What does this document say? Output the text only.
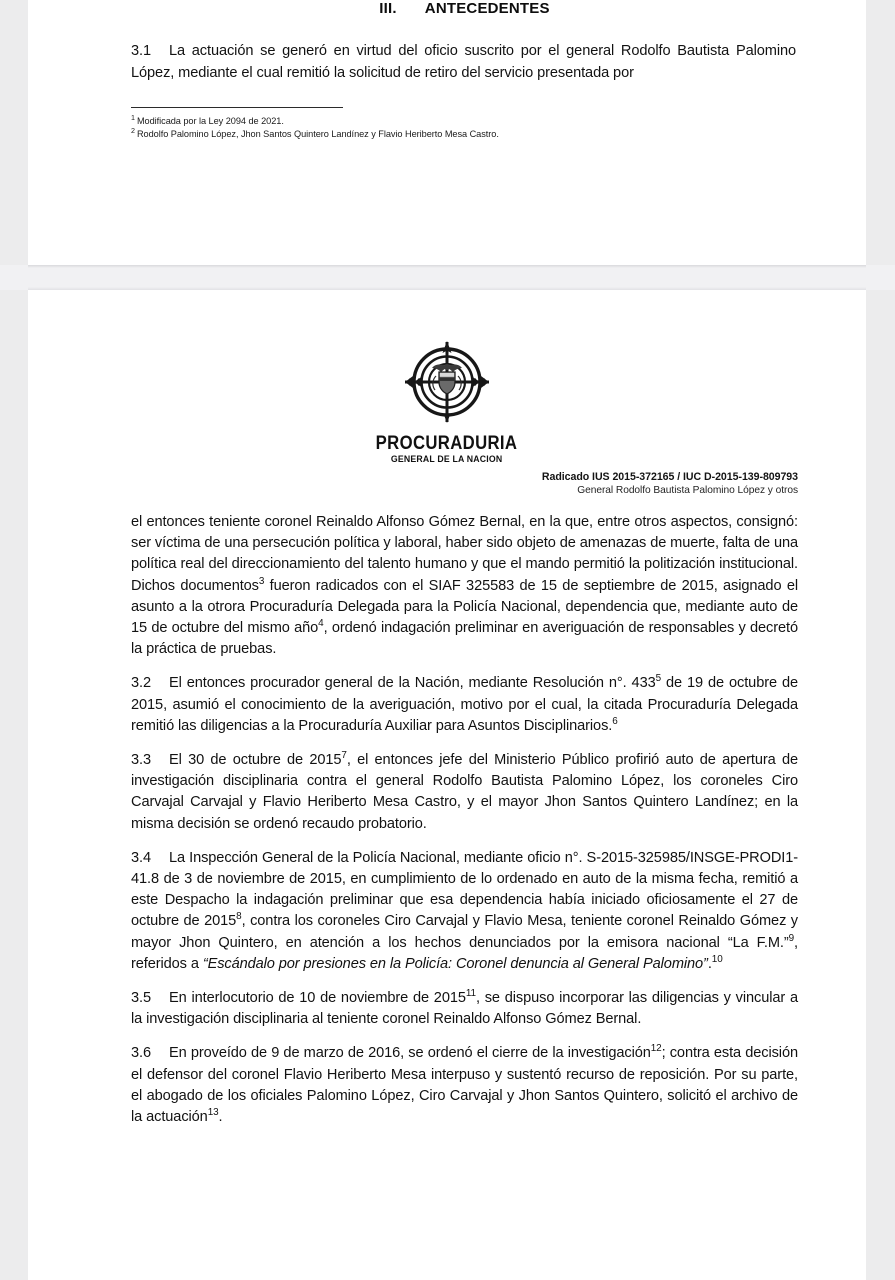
III. ANTECEDENTES
3.1 La actuación se generó en virtud del oficio suscrito por el general Rodolfo Bautista Palomino López, mediante el cual remitió la solicitud de retiro del servicio presentada por
$^1$ Modificada por la Ley 2094 de 2021.
$^2$ Rodolfo Palomino López, Jhon Santos Quintero Landínez y Flavio Heriberto Mesa Castro.
PROCURADURIA
GENERAL DE LA NACION
Radicado IUS 2015-372165 / IUC D-2015-139-809793
General Rodolfo Bautista Palomino López y otros
el entonces teniente coronel Reinaldo Alfonso Gómez Bernal, en la que, entre otros aspectos, consignó: ser víctima de una persecución política y laboral, haber sido objeto de amenazas de muerte, falta de una política real del direccionamiento del talento humano y que el mando permitió la politización institucional. Dichos documentos$^3$ fueron radicados con el SIAF 325583 de 15 de septiembre de 2015, asignado el asunto a la otrora Procuraduría Delegada para la Policía Nacional, dependencia que, mediante auto de 15 de octubre del mismo año$^4$, ordenó indagación preliminar en averiguación de responsables y decretó la práctica de pruebas.
3.2 El entonces procurador general de la Nación, mediante Resolución n°. $433^5$ de 19 de octubre de 2015, asumió el conocimiento de la averiguación, motivo por el cual, la citada Procuraduría Delegada remitió las diligencias a la Procuraduría Auxiliar para Asuntos Disciplinarios.$^6$
3.3 El 30 de octubre de 2015$^7$, el entonces jefe del Ministerio Público profirió auto de apertura de investigación disciplinaria contra el general Rodolfo Bautista Palomino López, los coroneles Ciro Carvajal Carvajal y Flavio Heriberto Mesa Castro, y el mayor Jhon Santos Quintero Landínez; en la misma decisión se ordenó recaudo probatorio.
3.4 La Inspección General de la Policía Nacional, mediante oficio n°. S-2015-325985/INSGE-PRODI1-41.8 de 3 de noviembre de 2015, en cumplimiento de lo ordenado en auto de la misma fecha, remitió a este Despacho la indagación preliminar que esa dependencia había iniciado oficiosamente el 27 de octubre de 2015$^8$, contra los coroneles Ciro Carvajal y Flavio Mesa, teniente coronel Reinaldo Gómez y mayor Jhon Quintero, en atención a los hechos denunciados por la emisora nacional “La F.M.”$^9$, referidos a “Escándalo por presiones en la Policía: Coronel denuncia al General Palomino”.$^{10}$
3.5 En interlocutorio de 10 de noviembre de 2015$^{11}$, se dispuso incorporar las diligencias y vincular a la investigación disciplinaria al teniente coronel Reinaldo Alfonso Gómez Bernal.
3.6 En proveído de 9 de marzo de 2016, se ordenó el cierre de la investigación$^{12}$; contra esta decisión el defensor del coronel Flavio Heriberto Mesa interpuso y sustentó recurso de reposición. Por su parte, el abogado de los oficiales Palomino López, Ciro Carvajal y Jhon Santos Quintero, solicitó el archivo de la actuación$^{13}$.
